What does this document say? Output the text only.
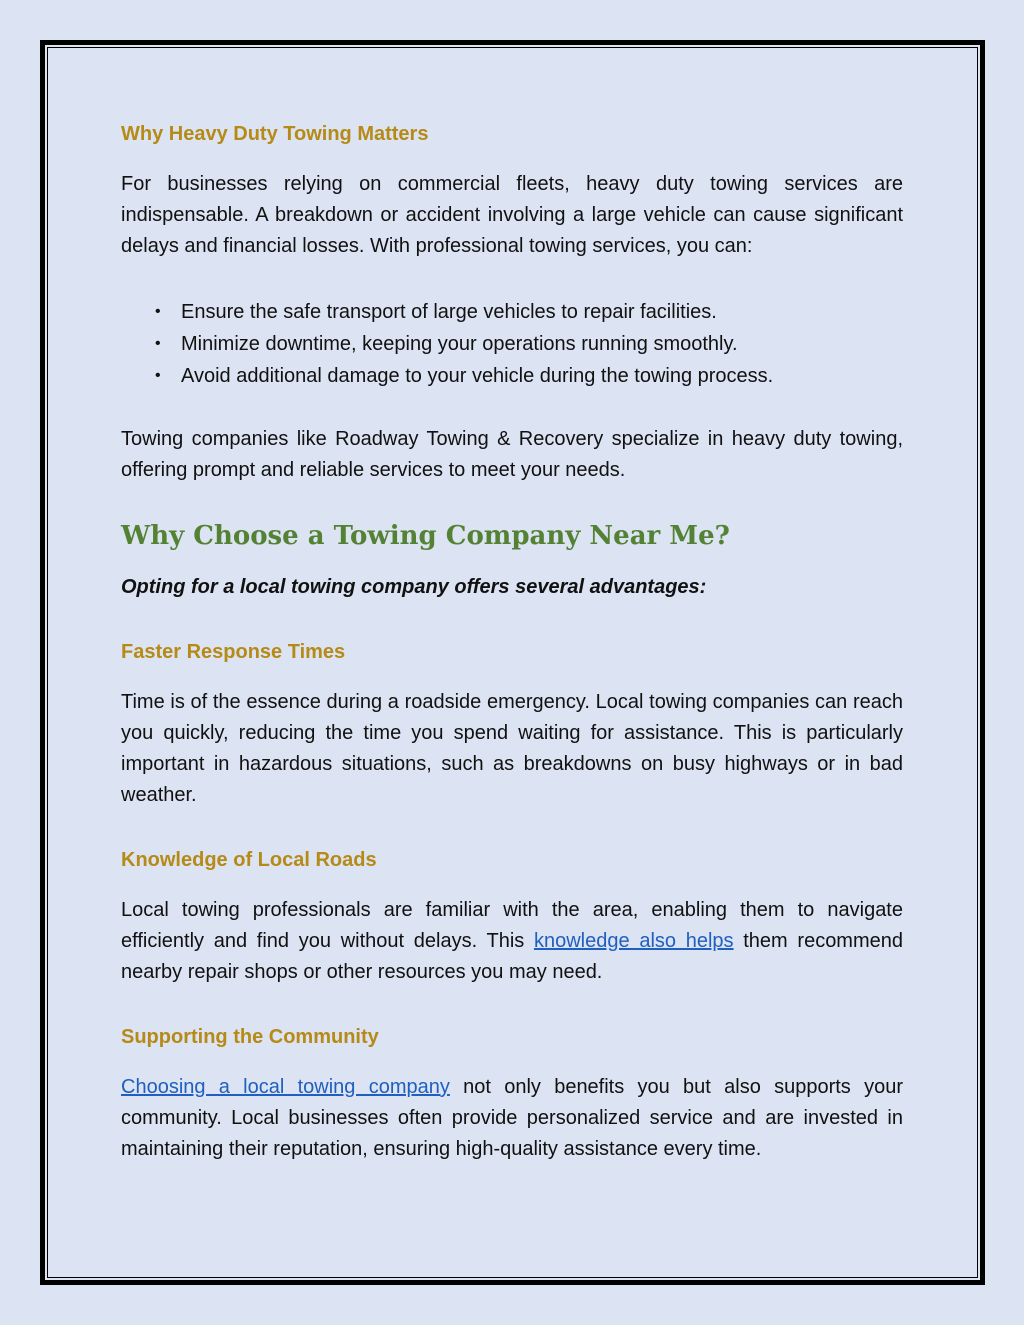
Why Heavy Duty Towing Matters

For businesses relying on commercial fleets, heavy duty towing services are indispensable. A breakdown or accident involving a large vehicle can cause significant delays and financial losses. With professional towing services, you can:

• Ensure the safe transport of large vehicles to repair facilities.
• Minimize downtime, keeping your operations running smoothly.
• Avoid additional damage to your vehicle during the towing process.

Towing companies like Roadway Towing & Recovery specialize in heavy duty towing, offering prompt and reliable services to meet your needs.

Why Choose a Towing Company Near Me?

Opting for a local towing company offers several advantages:

Faster Response Times

Time is of the essence during a roadside emergency. Local towing companies can reach you quickly, reducing the time you spend waiting for assistance. This is particularly important in hazardous situations, such as breakdowns on busy highways or in bad weather.

Knowledge of Local Roads

Local towing professionals are familiar with the area, enabling them to navigate efficiently and find you without delays. This knowledge also helps them recommend nearby repair shops or other resources you may need.

Supporting the Community

Choosing a local towing company not only benefits you but also supports your community. Local businesses often provide personalized service and are invested in maintaining their reputation, ensuring high-quality assistance every time.
